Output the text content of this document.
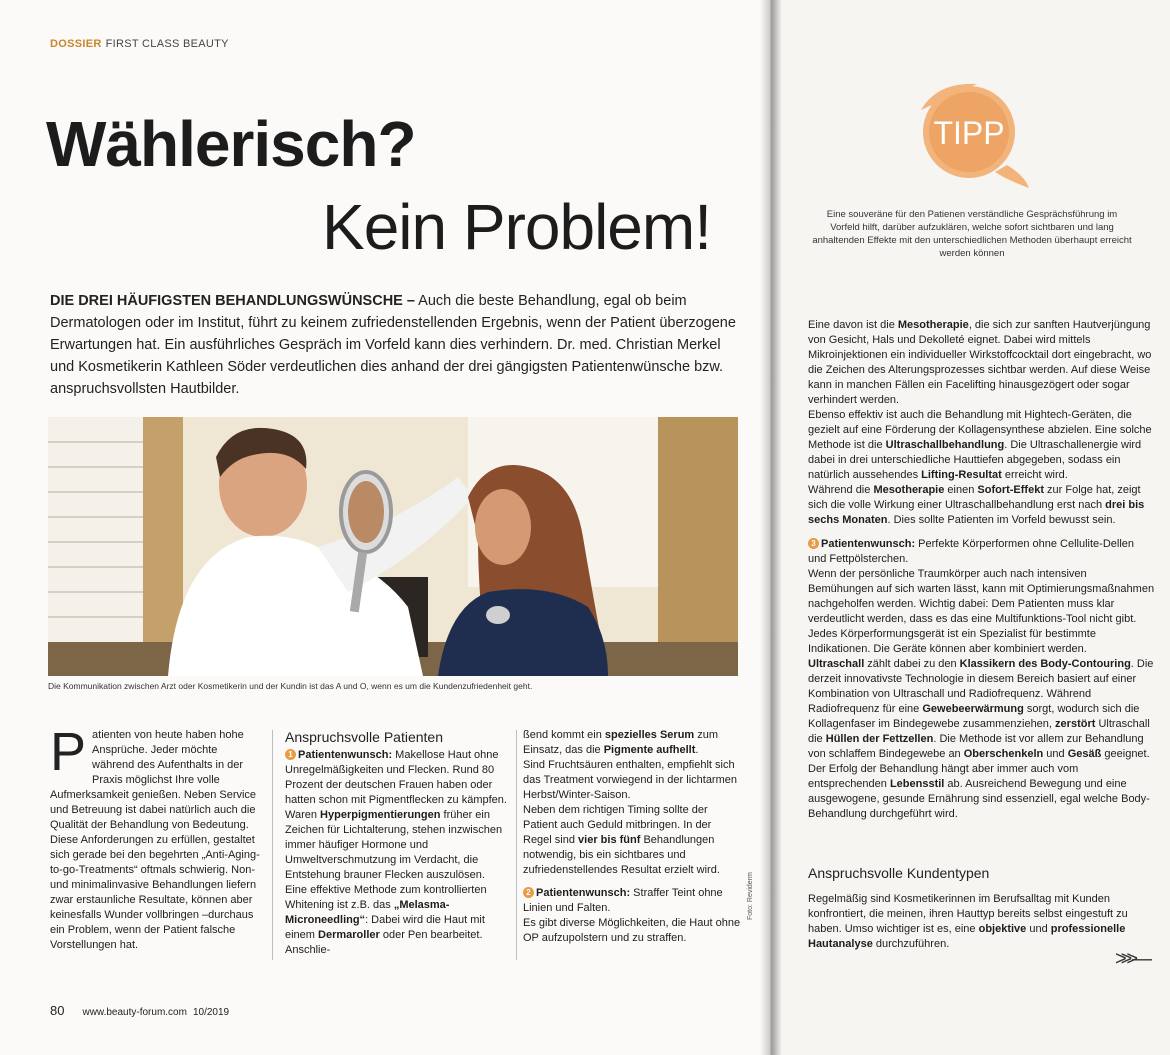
DOSSIER FIRST CLASS BEAUTY
Wählerisch?
Kein Problem!
DIE DREI HÄUFIGSTEN BEHANDLUNGSWÜNSCHE – Auch die beste Behandlung, egal ob beim Dermatologen oder im Institut, führt zu keinem zufriedenstellenden Ergebnis, wenn der Patient überzogene Erwartungen hat. Ein ausführliches Gespräch im Vorfeld kann dies verhindern. Dr. med. Christian Merkel und Kosmetikerin Kathleen Söder verdeutlichen dies anhand der drei gängigsten Patientenwünsche bzw. anspruchsvollsten Hautbilder.
Die Kommunikation zwischen Arzt oder Kosmetikerin und der Kundin ist das A und O, wenn es um die Kundenzufriedenheit geht.

Patienten von heute haben hohe Ansprüche. Jeder möchte während des Aufenthalts in der Praxis möglichst Ihre volle Aufmerksamkeit genießen. Neben Service und Betreuung ist dabei natürlich auch die Qualität der Behandlung von Bedeutung.

Diese Anforderungen zu erfüllen, gestaltet sich gerade bei den begehrten „Anti-Aging-to-go-Treatments“ oftmals schwierig. Non- und minimalinvasive Behandlungen liefern zwar erstaunliche Resultate, können aber keinesfalls Wunder vollbringen –durchaus ein Problem, wenn der Patient falsche Vorstellungen hat.

Anspruchsvolle Patienten

1 Patientenwunsch: Makellose Haut ohne Unregelmäßigkeiten und Flecken. Rund 80 Prozent der deutschen Frauen haben oder hatten schon mit Pigmentflecken zu kämpfen.

Waren Hyperpigmentierungen früher ein Zeichen für Lichtalterung, stehen inzwischen immer häufiger Hormone und Umweltverschmutzung im Verdacht, die Entstehung brauner Flecken auszulösen.

Eine effektive Methode zum kontrollierten Whitening ist z.B. das „Melasma-Microneedling“: Dabei wird die Haut mit einem Dermaroller oder Pen bearbeitet. Anschlie-

ßend kommt ein spezielles Serum zum Einsatz, das die Pigmente aufhellt.

Sind Fruchtsäuren enthalten, empfiehlt sich das Treatment vorwiegend in der lichtarmen Herbst/Winter-Saison.

Neben dem richtigen Timing sollte der Patient auch Geduld mitbringen. In der Regel sind vier bis fünf Behandlungen notwendig, bis ein sichtbares und zufriedenstellendes Resultat erzielt wird.

2 Patientenwunsch: Straffer Teint ohne Linien und Falten.

Es gibt diverse Möglichkeiten, die Haut ohne OP aufzupolstern und zu straffen.

Foto: Reviderm
80 www.beauty-forum.com 10/2019
TIPP
Eine souveräne für den Patienen verständliche Gesprächsführung im Vorfeld hilft, darüber aufzuklären, welche sofort sichtbaren und lang anhaltenden Effekte mit den unterschiedlichen Methoden überhaupt erreicht werden können

Eine davon ist die Mesotherapie, die sich zur sanften Hautverjüngung von Gesicht, Hals und Dekolleté eignet. Dabei wird mittels Mikroinjektionen ein individueller Wirkstoffcocktail dort eingebracht, wo die Zeichen des Alterungsprozesses sichtbar werden. Auf diese Weise kann in manchen Fällen ein Facelifting hinausgezögert oder sogar verhindert werden.

Ebenso effektiv ist auch die Behandlung mit Hightech-Geräten, die gezielt auf eine Förderung der Kollagensynthese abzielen. Eine solche Methode ist die Ultraschallbehandlung. Die Ultraschallenergie wird dabei in drei unterschiedliche Hauttiefen abgegeben, sodass ein natürlich aussehendes Lifting-Resultat erreicht wird.

Während die Mesotherapie einen Sofort-Effekt zur Folge hat, zeigt sich die volle Wirkung einer Ultraschallbehandlung erst nach drei bis sechs Monaten. Dies sollte Patienten im Vorfeld bewusst sein.

3 Patientenwunsch: Perfekte Körperformen ohne Cellulite-Dellen und Fettpölsterchen.

Wenn der persönliche Traumkörper auch nach intensiven Bemühungen auf sich warten lässt, kann mit Optimierungsmaßnahmen nachgeholfen werden. Wichtig dabei: Dem Patienten muss klar verdeutlicht werden, dass es das eine Multifunktions-Tool nicht gibt. Jedes Körperformungsgerät ist ein Spezialist für bestimmte Indikationen. Die Geräte können aber kombiniert werden.

Ultraschall zählt dabei zu den Klassikern des Body-Contouring. Die derzeit innovativste Technologie in diesem Bereich basiert auf einer Kombination von Ultraschall und Radiofrequenz. Während Radiofrequenz für eine Gewebeerwärmung sorgt, wodurch sich die Kollagenfaser im Bindegewebe zusammenziehen, zerstört Ultraschall die Hüllen der Fettzellen. Die Methode ist vor allem zur Behandlung von schlaffem Bindegewebe an Oberschenkeln und Gesäß geeignet.

Der Erfolg der Behandlung hängt aber immer auch vom entsprechenden Lebensstil ab. Ausreichend Bewegung und eine ausgewogene, gesunde Ernährung sind essenziell, egal welche Body-Behandlung durchgeführt wird.

Anspruchsvolle Kundentypen

Regelmäßig sind Kosmetikerinnen im Berufsalltag mit Kunden konfrontiert, die meinen, ihren Hauttyp bereits selbst eingestuft zu haben. Umso wichtiger ist es, eine objektive und professionelle Hautanalyse durchzuführen.

>>>—
